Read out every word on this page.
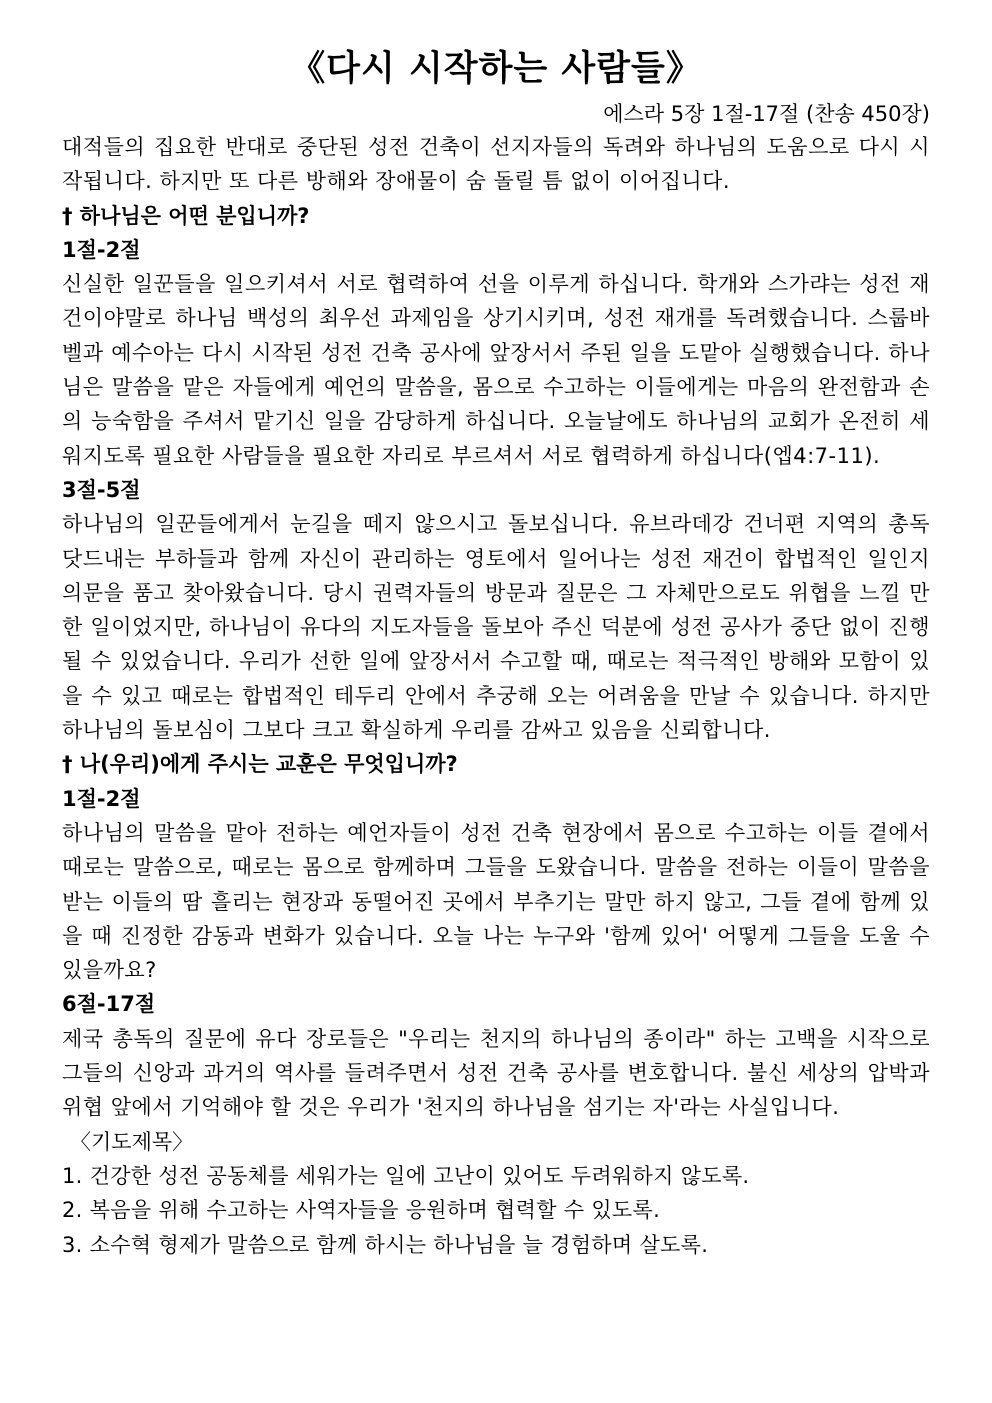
《다시 시작하는 사람들》

에스라 5장 1절-17절 (찬송 450장)

대적들의 집요한 반대로 중단된 성전 건축이 선지자들의 독려와 하나님의 도움으로 다시 시작됩니다. 하지만 또 다른 방해와 장애물이 숨 돌릴 틈 없이 이어집니다.

† 하나님은 어떤 분입니까?

1절-2절

신실한 일꾼들을 일으키셔서 서로 협력하여 선을 이루게 하십니다. 학개와 스가랴는 성전 재건이야말로 하나님 백성의 최우선 과제임을 상기시키며, 성전 재개를 독려했습니다. 스룹바벨과 예수아는 다시 시작된 성전 건축 공사에 앞장서서 주된 일을 도맡아 실행했습니다. 하나님은 말씀을 맡은 자들에게 예언의 말씀을, 몸으로 수고하는 이들에게는 마음의 완전함과 손의 능숙함을 주셔서 맡기신 일을 감당하게 하십니다. 오늘날에도 하나님의 교회가 온전히 세워지도록 필요한 사람들을 필요한 자리로 부르셔서 서로 협력하게 하십니다(엡4:7-11).

3절-5절

하나님의 일꾼들에게서 눈길을 떼지 않으시고 돌보십니다. 유브라데강 건너편 지역의 총독 닷드내는 부하들과 함께 자신이 관리하는 영토에서 일어나는 성전 재건이 합법적인 일인지 의문을 품고 찾아왔습니다. 당시 권력자들의 방문과 질문은 그 자체만으로도 위협을 느낄 만한 일이었지만, 하나님이 유다의 지도자들을 돌보아 주신 덕분에 성전 공사가 중단 없이 진행될 수 있었습니다. 우리가 선한 일에 앞장서서 수고할 때, 때로는 적극적인 방해와 모함이 있을 수 있고 때로는 합법적인 테두리 안에서 추궁해 오는 어려움을 만날 수 있습니다. 하지만 하나님의 돌보심이 그보다 크고 확실하게 우리를 감싸고 있음을 신뢰합니다.

† 나(우리)에게 주시는 교훈은 무엇입니까?

1절-2절

하나님의 말씀을 맡아 전하는 예언자들이 성전 건축 현장에서 몸으로 수고하는 이들 곁에서 때로는 말씀으로, 때로는 몸으로 함께하며 그들을 도왔습니다. 말씀을 전하는 이들이 말씀을 받는 이들의 땀 흘리는 현장과 동떨어진 곳에서 부추기는 말만 하지 않고, 그들 곁에 함께 있을 때 진정한 감동과 변화가 있습니다. 오늘 나는 누구와 '함께 있어' 어떻게 그들을 도울 수 있을까요?

6절-17절

제국 총독의 질문에 유다 장로들은 "우리는 천지의 하나님의 종이라" 하는 고백을 시작으로 그들의 신앙과 과거의 역사를 들려주면서 성전 건축 공사를 변호합니다. 불신 세상의 압박과 위협 앞에서 기억해야 할 것은 우리가 '천지의 하나님을 섬기는 자'라는 사실입니다.

〈기도제목〉

1. 건강한 성전 공동체를 세워가는 일에 고난이 있어도 두려워하지 않도록.
2. 복음을 위해 수고하는 사역자들을 응원하며 협력할 수 있도록.
3. 소수혁 형제가 말씀으로 함께 하시는 하나님을 늘 경험하며 살도록.
